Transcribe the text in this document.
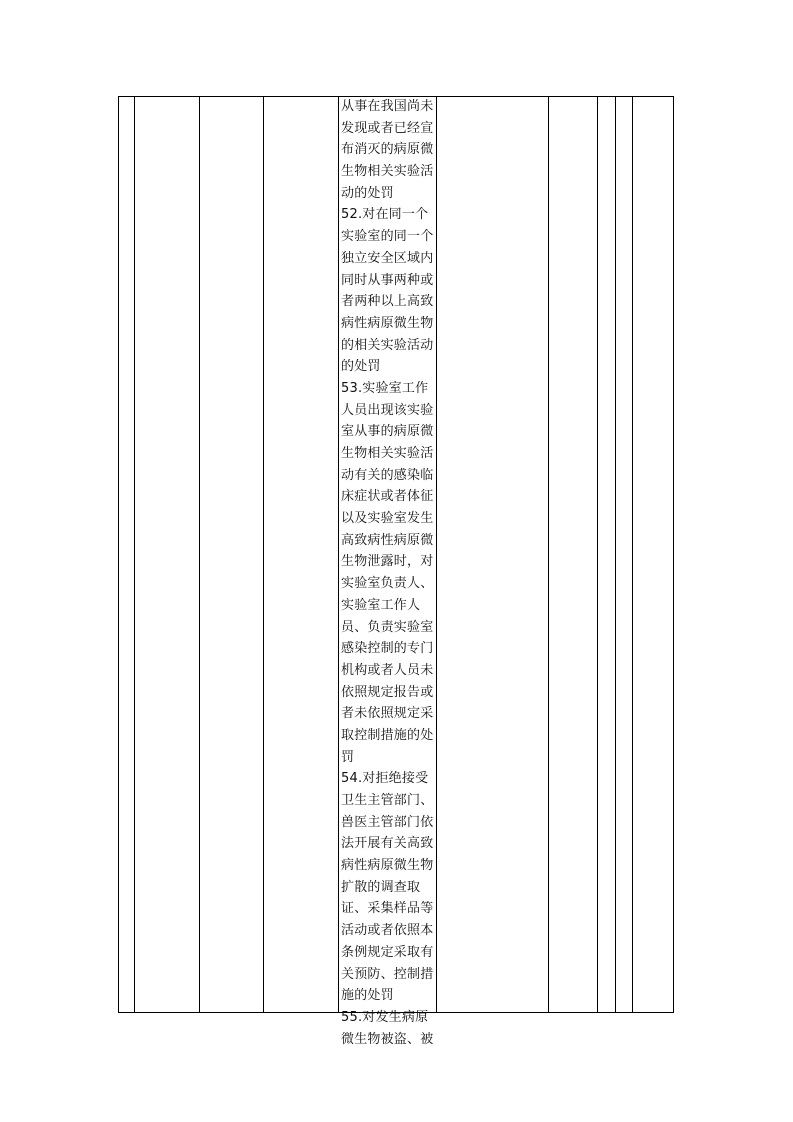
从事在我国尚未
发现或者已经宣
布消灭的病原微
生物相关实验活
动的处罚
52.对在同一个
实验室的同一个
独立安全区域内
同时从事两种或
者两种以上高致
病性病原微生物
的相关实验活动
的处罚
53.实验室工作
人员出现该实验
室从事的病原微
生物相关实验活
动有关的感染临
床症状或者体征
以及实验室发生
高致病性病原微
生物泄露时，对
实验室负责人、
实验室工作人
员、负责实验室
感染控制的专门
机构或者人员未
依照规定报告或
者未依照规定采
取控制措施的处
罚
54.对拒绝接受
卫生主管部门、
兽医主管部门依
法开展有关高致
病性病原微生物
扩散的调查取
证、采集样品等
活动或者依照本
条例规定采取有
关预防、控制措
施的处罚
55.对发生病原
微生物被盗、被
